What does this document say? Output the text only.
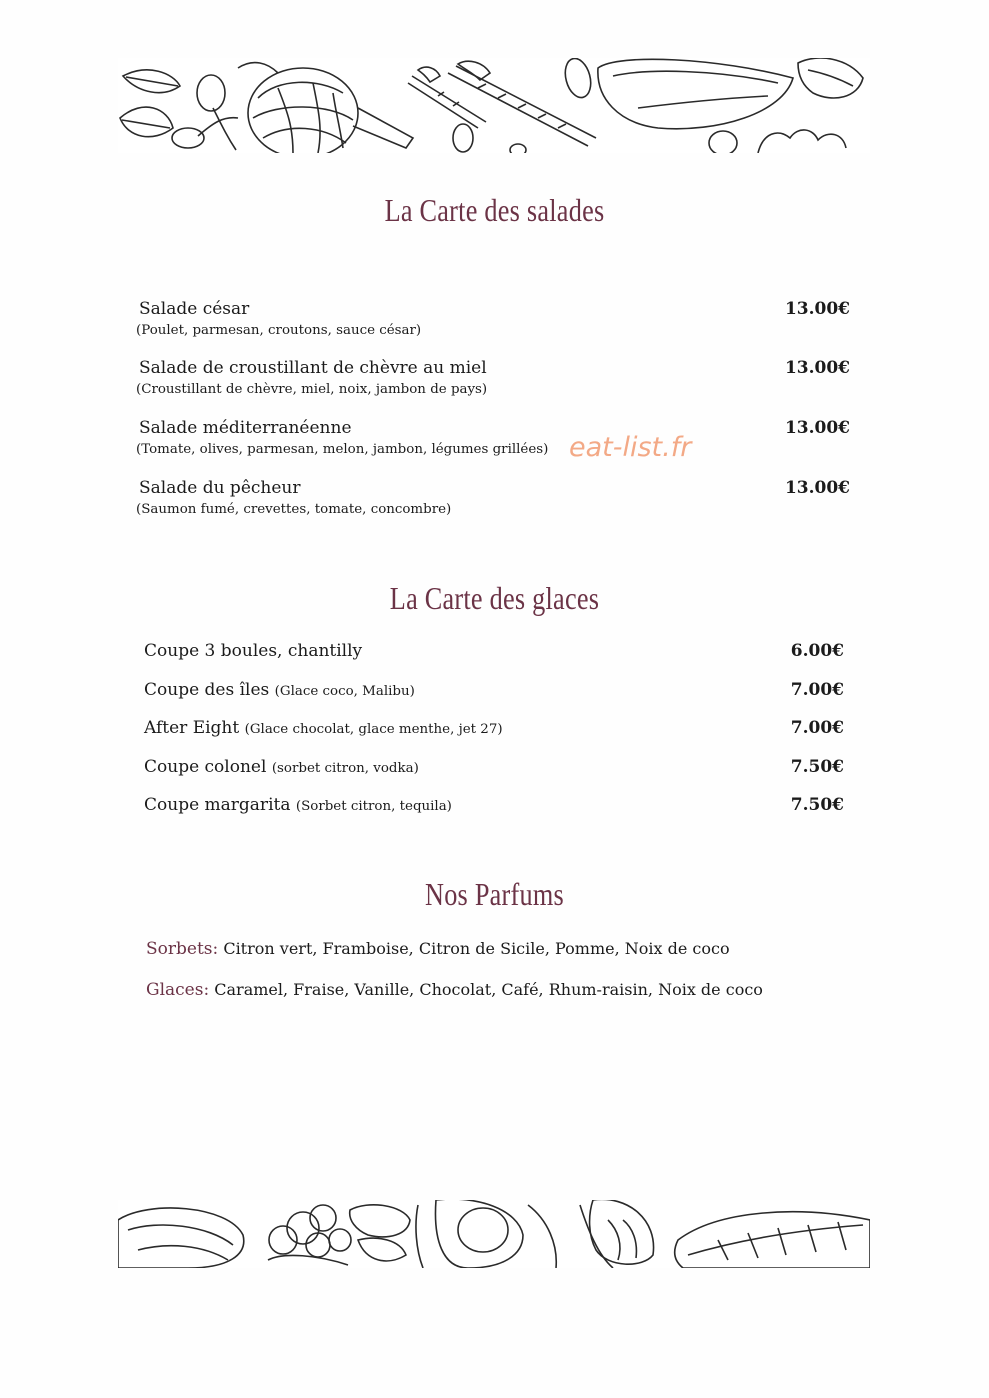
La Carte des salades
Salade césar
(Poulet, parmesan, croutons, sauce césar)
13.00€
Salade de croustillant de chèvre au miel
(Croustillant de chèvre, miel, noix, jambon de pays)
13.00€
Salade méditerranéenne
(Tomate, olives, parmesan, melon, jambon, légumes grillées)
13.00€
Salade du pêcheur
(Saumon fumé, crevettes, tomate, concombre)
13.00€
eat-list.fr
La Carte des glaces
Coupe 3 boules, chantilly	6.00€
Coupe des îles (Glace coco, Malibu)	7.00€
After Eight (Glace chocolat, glace menthe, jet 27)	7.00€
Coupe colonel (sorbet citron, vodka)	7.50€
Coupe margarita (Sorbet citron, tequila)	7.50€
Nos Parfums
Sorbets: Citron vert, Framboise, Citron de Sicile, Pomme, Noix de coco
Glaces: Caramel, Fraise, Vanille, Chocolat, Café, Rhum-raisin, Noix de coco
